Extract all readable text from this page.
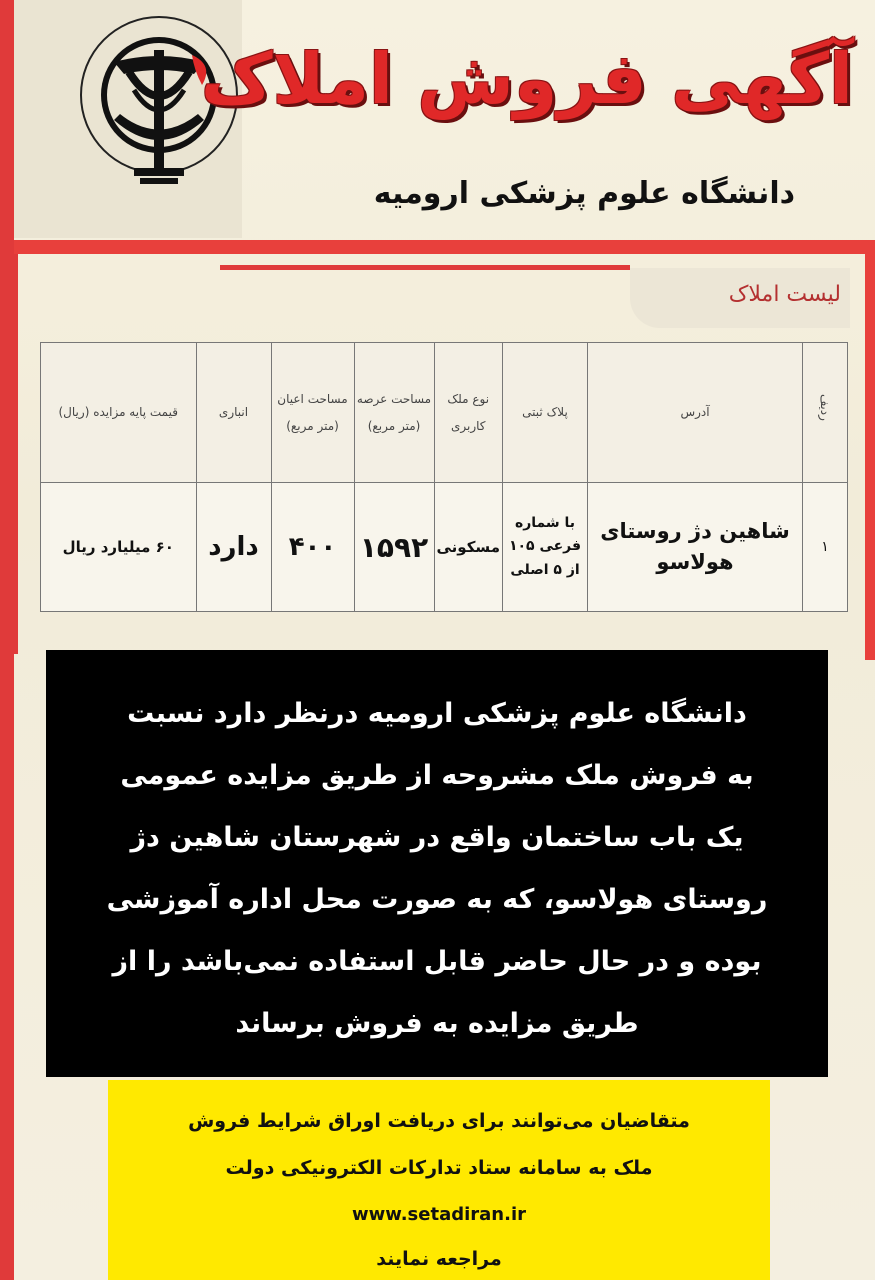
آگهی فروش املاک
دانشگاه علوم پزشکی ارومیه
لیست املاک
ردیف	آدرس	پلاک ثبتی	نوع ملک کاربری	مساحت عرصه (متر مربع)	مساحت اعیان (متر مربع)	انباری	قیمت پایه مزایده (ریال)
۱	شاهین دژ روستای هولاسو	با شماره فرعی ۱۰۵ از ۵ اصلی	مسکونی	۱۵۹۲	۴۰۰	دارد	۶۰ میلیارد ریال
دانشگاه علوم پزشکی ارومیه درنظر دارد نسبت
به فروش ملک مشروحه از طریق مزایده عمومی
یک باب ساختمان واقع در شهرستان شاهین دژ
روستای هولاسو، که به صورت محل اداره آموزشی
بوده و در حال حاضر قابل استفاده نمی‌باشد را از
طریق مزایده به فروش برساند
متقاضیان می‌توانند برای دریافت اوراق شرایط فروش
ملک به سامانه ستاد تدارکات الکترونیکی دولت
www.setadiran.ir
مراجعه نمایند
